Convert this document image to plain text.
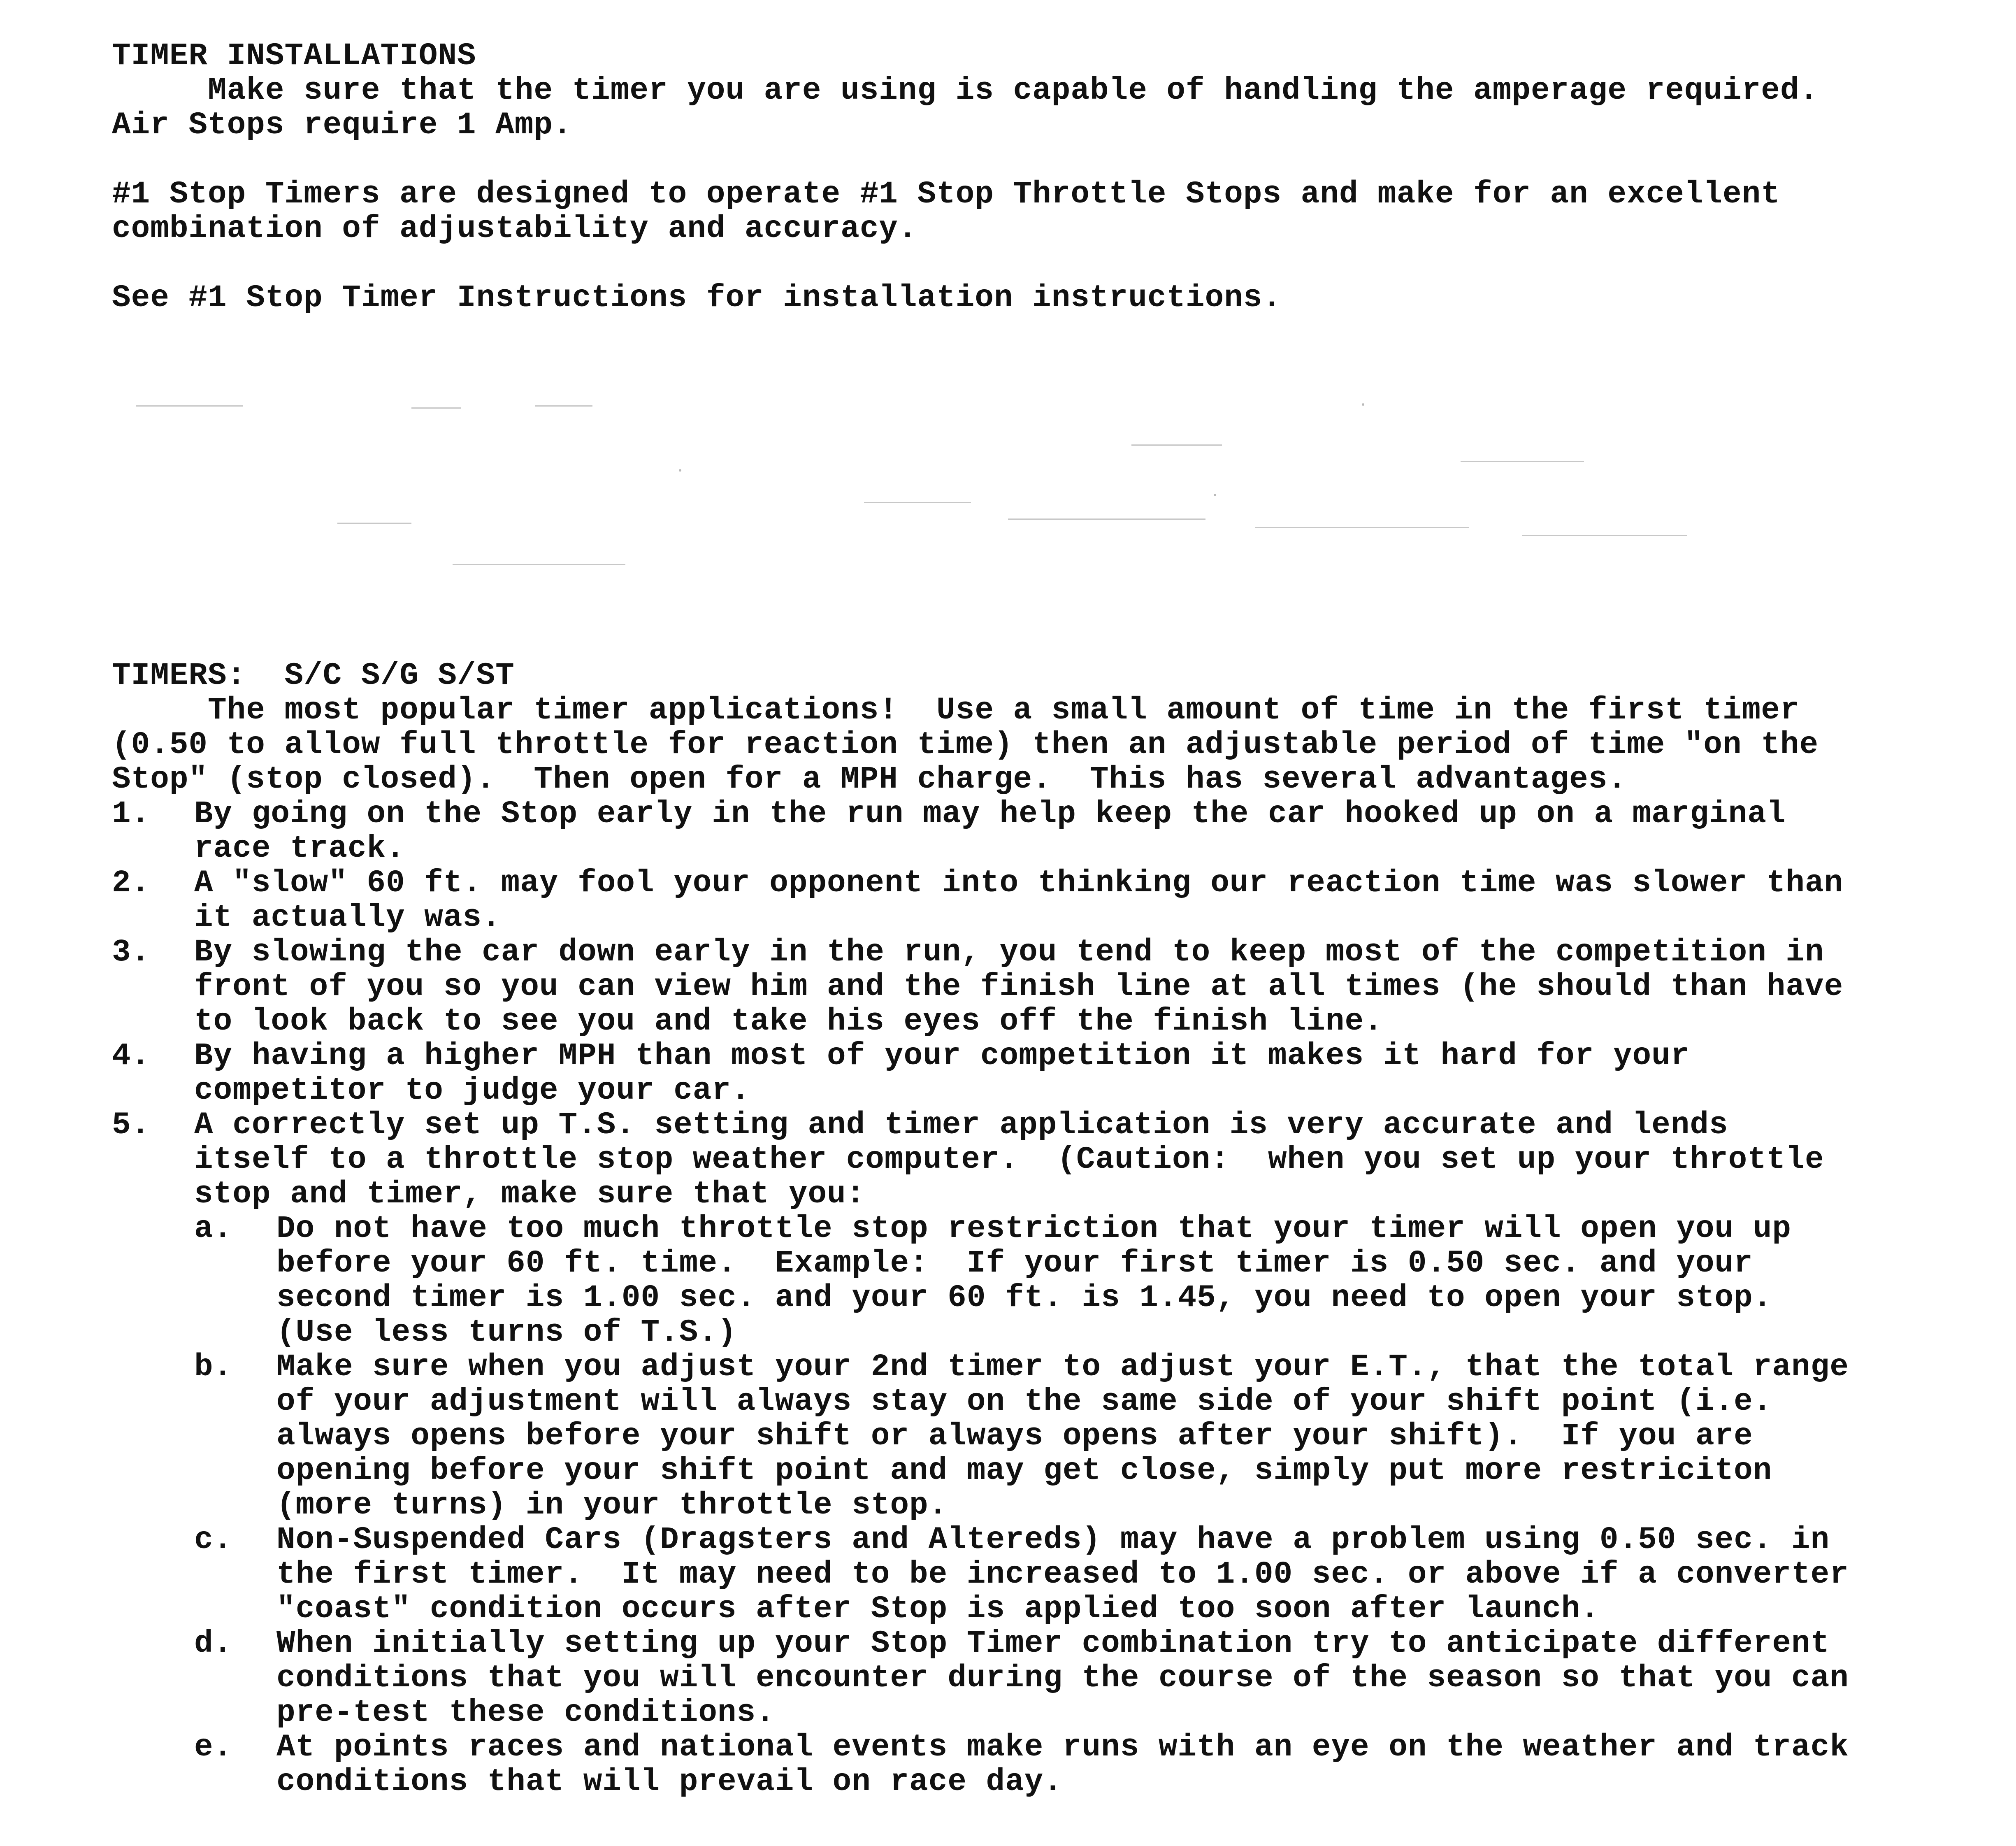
TIMER INSTALLATIONS
Make sure that the timer you are using is capable of handling the amperage required.
Air Stops require 1 Amp.
#1 Stop Timers are designed to operate #1 Stop Throttle Stops and make for an excellent
combination of adjustability and accuracy.
See #1 Stop Timer Instructions for installation instructions.
TIMERS:  S/C S/G S/ST
The most popular timer applications!  Use a small amount of time in the first timer
(0.50 to allow full throttle for reaction time) then an adjustable period of time "on the
Stop" (stop closed).  Then open for a MPH charge.  This has several advantages.
1. By going on the Stop early in the run may help keep the car hooked up on a marginal
race track.
2. A "slow" 60 ft. may fool your opponent into thinking our reaction time was slower than
it actually was.
3. By slowing the car down early in the run, you tend to keep most of the competition in
front of you so you can view him and the finish line at all times (he should than have
to look back to see you and take his eyes off the finish line.
4. By having a higher MPH than most of your competition it makes it hard for your
competitor to judge your car.
5. A correctly set up T.S. setting and timer application is very accurate and lends
itself to a throttle stop weather computer.  (Caution:  when you set up your throttle
stop and timer, make sure that you:
a. Do not have too much throttle stop restriction that your timer will open you up
before your 60 ft. time.  Example:  If your first timer is 0.50 sec. and your
second timer is 1.00 sec. and your 60 ft. is 1.45, you need to open your stop.
(Use less turns of T.S.)
b. Make sure when you adjust your 2nd timer to adjust your E.T., that the total range
of your adjustment will always stay on the same side of your shift point (i.e.
always opens before your shift or always opens after your shift).  If you are
opening before your shift point and may get close, simply put more restriciton
(more turns) in your throttle stop.
c. Non-Suspended Cars (Dragsters and Altereds) may have a problem using 0.50 sec. in
the first timer.  It may need to be increased to 1.00 sec. or above if a converter
"coast" condition occurs after Stop is applied too soon after launch.
d. When initially setting up your Stop Timer combination try to anticipate different
conditions that you will encounter during the course of the season so that you can
pre-test these conditions.
e. At points races and national events make runs with an eye on the weather and track
conditions that will prevail on race day.
